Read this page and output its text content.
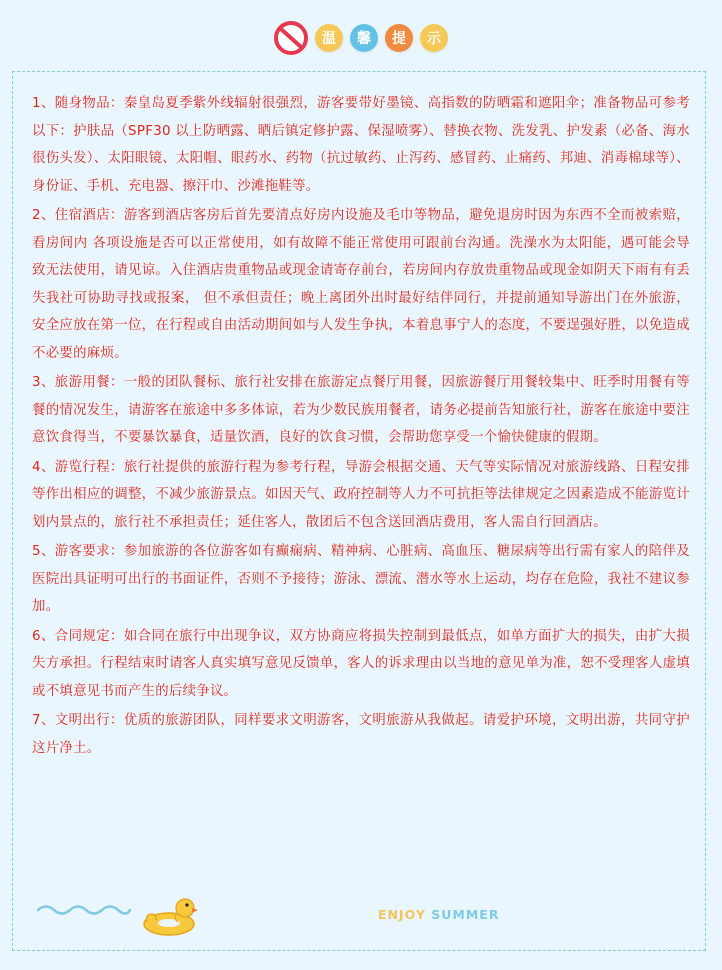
温	馨	提	示

1、随身物品：秦皇岛夏季紫外线辐射很强烈，游客要带好墨镜、高指数的防晒霜和遮阳伞；准备物品可参考以下：护肤品（SPF30 以上防晒露、晒后镇定修护露、保湿喷雾）、替换衣物、洗发乳、护发素（必备、海水很伤头发）、太阳眼镜、太阳帽、眼药水、药物（抗过敏药、止泻药、感冒药、止痛药、邦迪、消毒棉球等）、身份证、手机、充电器、擦汗巾、沙滩拖鞋等。

2、住宿酒店：游客到酒店客房后首先要清点好房内设施及毛巾等物品，避免退房时因为东西不全而被索赔，看房间内 各项设施是否可以正常使用，如有故障不能正常使用可跟前台沟通。洗澡水为太阳能，遇可能会导致无法使用，请见谅。入住酒店贵重物品或现金请寄存前台，若房间内存放贵重物品或现金如阴天下雨有有丢失我社可协助寻找或报案， 但不承但责任；晚上离团外出时最好结伴同行，并提前通知导游出门在外旅游，安全应放在第一位，在行程或自由活动期间如与人发生争执，本着息事宁人的态度，不要逞强好胜，以免造成不必要的麻烦。

3、旅游用餐：一般的团队餐标、旅行社安排在旅游定点餐厅用餐，因旅游餐厅用餐较集中、旺季时用餐有等餐的情况发生，请游客在旅途中多多体谅，若为少数民族用餐者，请务必提前告知旅行社，游客在旅途中要注意饮食得当，不要暴饮暴食，适量饮酒，良好的饮食习惯，会帮助您享受一个愉快健康的假期。

4、游览行程：旅行社提供的旅游行程为参考行程，导游会根据交通、天气等实际情况对旅游线路、日程安排等作出相应的调整，不减少旅游景点。如因天气、政府控制等人力不可抗拒等法律规定之因素造成不能游览计划内景点的，旅行社不承担责任；延住客人，散团后不包含送回酒店费用，客人需自行回酒店。

5、游客要求：参加旅游的各位游客如有癫痫病、精神病、心脏病、高血压、糖尿病等出行需有家人的陪伴及医院出具证明可出行的书面证件，否则不予接待；游泳、漂流、潜水等水上运动，均存在危险，我社不建议参加。

6、合同规定：如合同在旅行中出现争议，双方协商应将损失控制到最低点，如单方面扩大的损失，由扩大损失方承担。行程结束时请客人真实填写意见反馈单，客人的诉求理由以当地的意见单为准，恕不受理客人虚填或不填意见书而产生的后续争议。

7、文明出行：优质的旅游团队，同样要求文明游客，文明旅游从我做起。请爱护环境，文明出游，共同守护这片净土。

ENJOY SUMMER
